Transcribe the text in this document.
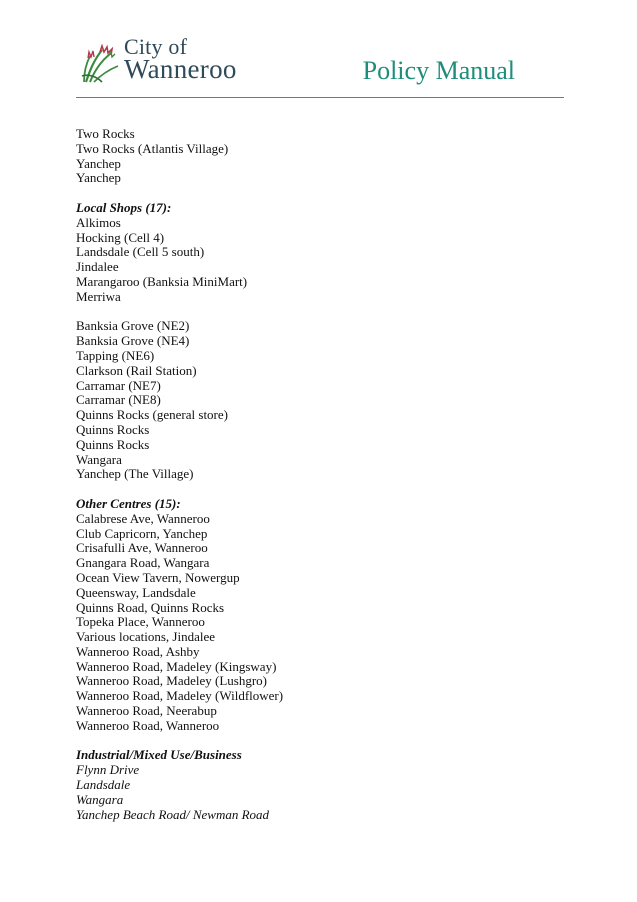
City of
Wanneroo	Policy Manual
Two Rocks
Two Rocks (Atlantis Village)
Yanchep
Yanchep
Local Shops (17):
Alkimos
Hocking (Cell 4)
Landsdale (Cell 5 south)
Jindalee
Marangaroo (Banksia MiniMart)
Merriwa
Banksia Grove (NE2)
Banksia Grove (NE4)
Tapping (NE6)
Clarkson (Rail Station)
Carramar (NE7)
Carramar (NE8)
Quinns Rocks (general store)
Quinns Rocks
Quinns Rocks
Wangara
Yanchep (The Village)
Other Centres (15):
Calabrese Ave, Wanneroo
Club Capricorn, Yanchep
Crisafulli Ave, Wanneroo
Gnangara Road, Wangara
Ocean View Tavern, Nowergup
Queensway, Landsdale
Quinns Road, Quinns Rocks
Topeka Place, Wanneroo
Various locations, Jindalee
Wanneroo Road, Ashby
Wanneroo Road, Madeley (Kingsway)
Wanneroo Road, Madeley (Lushgro)
Wanneroo Road, Madeley (Wildflower)
Wanneroo Road, Neerabup
Wanneroo Road, Wanneroo
Industrial/Mixed Use/Business
Flynn Drive
Landsdale
Wangara
Yanchep Beach Road/ Newman Road
